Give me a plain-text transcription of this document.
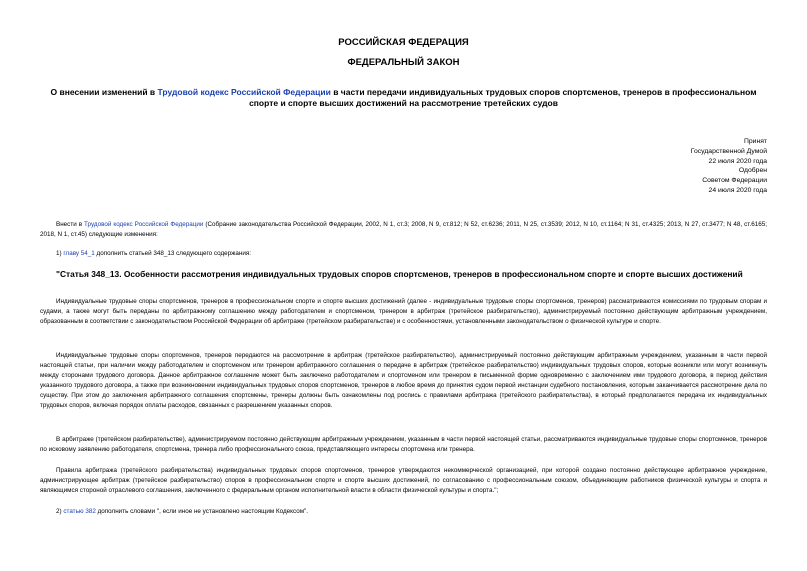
РОССИЙСКАЯ ФЕДЕРАЦИЯ
ФЕДЕРАЛЬНЫЙ ЗАКОН
О внесении изменений в Трудовой кодекс Российской Федерации в части передачи индивидуальных трудовых споров спортсменов, тренеров в профессиональном спорте и спорте высших достижений на рассмотрение третейских судов
Принят
Государственной Думой
22 июля 2020 года
Одобрен
Советом Федерации
24 июля 2020 года
Внести в Трудовой кодекс Российской Федерации (Собрание законодательства Российской Федерации, 2002, N 1, ст.3; 2008, N 9, ст.812; N 52, ст.6236; 2011, N 25, ст.3539; 2012, N 10, ст.1164; N 31, ст.4325; 2013, N 27, ст.3477; N 48, ст.6165; 2018, N 1, ст.45) следующие изменения:
1) главу 54_1 дополнить статьей 348_13 следующего содержания:
"Статья 348_13. Особенности рассмотрения индивидуальных трудовых споров спортсменов, тренеров в профессиональном спорте и спорте высших достижений
Индивидуальные трудовые споры спортсменов, тренеров в профессиональном спорте и спорте высших достижений (далее - индивидуальные трудовые споры спортсменов, тренеров) рассматриваются комиссиями по трудовым спорам и судами, а также могут быть переданы по арбитражному соглашению между работодателем и спортсменом, тренером в арбитраж (третейское разбирательство), администрируемый постоянно действующим арбитражным учреждением, образованным в соответствии с законодательством Российской Федерации об арбитраже (третейском разбирательстве) и с особенностями, установленными законодательством о физической культуре и спорте.
Индивидуальные трудовые споры спортсменов, тренеров передаются на рассмотрение в арбитраж (третейское разбирательство), администрируемый постоянно действующим арбитражным учреждением, указанным в части первой настоящей статьи, при наличии между работодателем и спортсменом или тренером арбитражного соглашения о передаче в арбитраж (третейское разбирательство) индивидуальных трудовых споров, которые возникли или могут возникнуть между сторонами трудового договора. Данное арбитражное соглашение может быть заключено работодателем и спортсменом или тренером в письменной форме одновременно с заключением ими трудового договора, в период действия указанного трудового договора, а также при возникновении индивидуальных трудовых споров спортсменов, тренеров в любое время до принятия судом первой инстанции судебного постановления, которым заканчивается рассмотрение дела по существу. При этом до заключения арбитражного соглашения спортсмены, тренеры должны быть ознакомлены под роспись с правилами арбитража (третейского разбирательства), в который предполагается передача их индивидуальных трудовых споров, включая порядок оплаты расходов, связанных с разрешением указанных споров.
В арбитраже (третейском разбирательстве), администрируемом постоянно действующим арбитражным учреждением, указанным в части первой настоящей статьи, рассматриваются индивидуальные трудовые споры спортсменов, тренеров по исковому заявлению работодателя, спортсмена, тренера либо профессионального союза, представляющего интересы спортсмена или тренера.
Правила арбитража (третейского разбирательства) индивидуальных трудовых споров спортсменов, тренеров утверждаются некоммерческой организацией, при которой создано постоянно действующее арбитражное учреждение, администрирующее арбитраж (третейское разбирательство) споров в профессиональном спорте и спорте высших достижений, по согласованию с профессиональным союзом, объединяющим работников физической культуры и спорта и являющимся стороной отраслевого соглашения, заключенного с федеральным органом исполнительной власти в области физической культуры и спорта.";
2) статью 382 дополнить словами ", если иное не установлено настоящим Кодексом".
